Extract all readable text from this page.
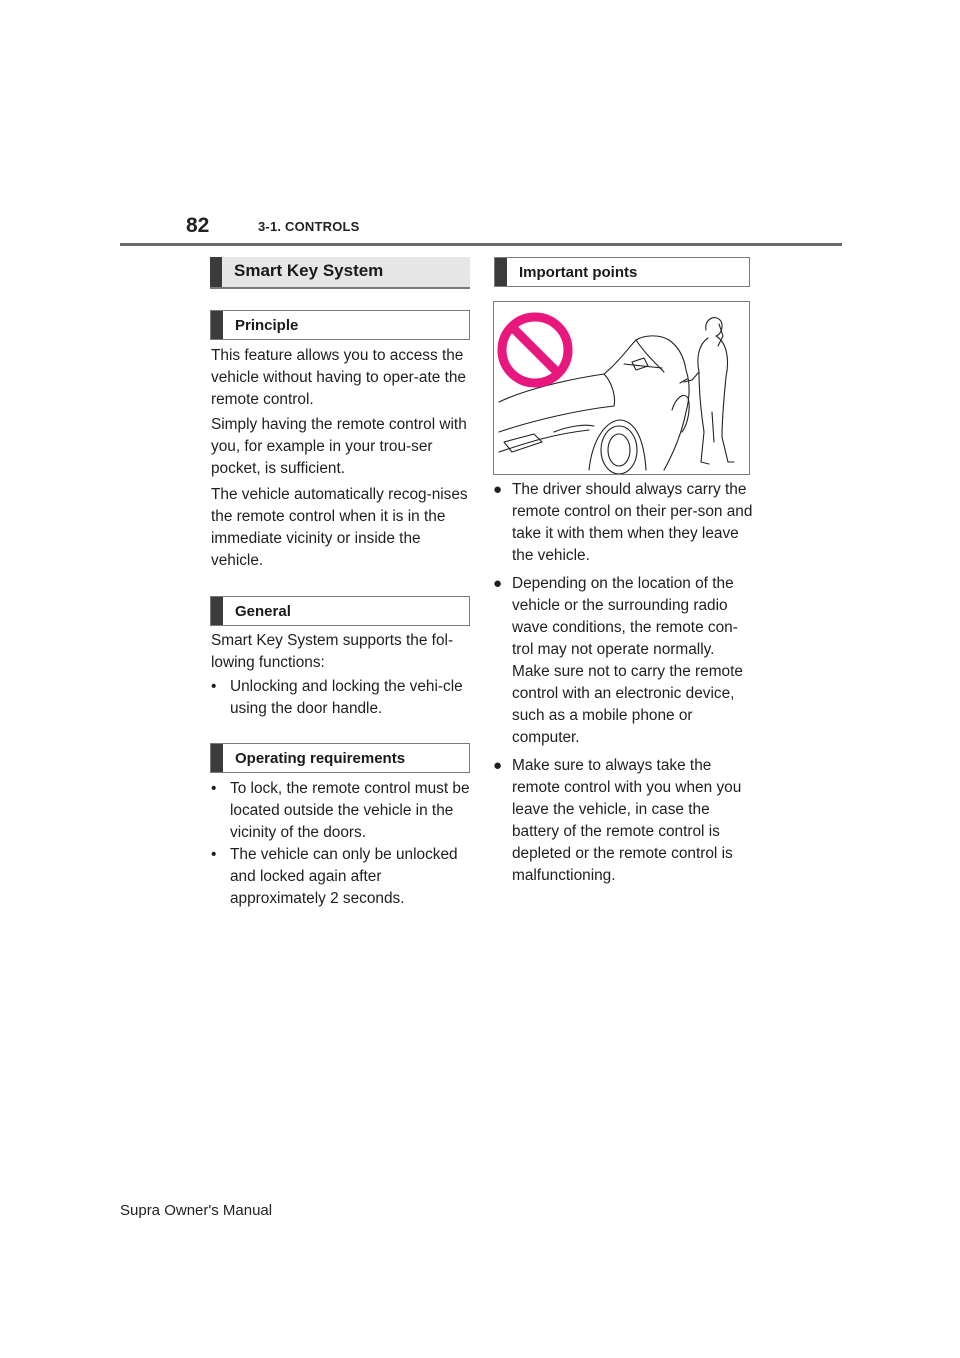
82	3-1. CONTROLS
Smart Key System
Principle
This feature allows you to access the vehicle without having to oper-ate the remote control.
Simply having the remote control with you, for example in your trou-ser pocket, is sufficient.
The vehicle automatically recog-nises the remote control when it is in the immediate vicinity or inside the vehicle.
General
Smart Key System supports the fol-lowing functions:
• Unlocking and locking the vehi-cle using the door handle.
Operating requirements
• To lock, the remote control must be located outside the vehicle in the vicinity of the doors.
• The vehicle can only be unlocked and locked again after approximately 2 seconds.
Important points
● The driver should always carry the remote control on their per-son and take it with them when they leave the vehicle.
● Depending on the location of the vehicle or the surrounding radio wave conditions, the remote con-trol may not operate normally. Make sure not to carry the remote control with an electronic device, such as a mobile phone or computer.
● Make sure to always take the remote control with you when you leave the vehicle, in case the battery of the remote control is depleted or the remote control is malfunctioning.
Supra Owner's Manual
